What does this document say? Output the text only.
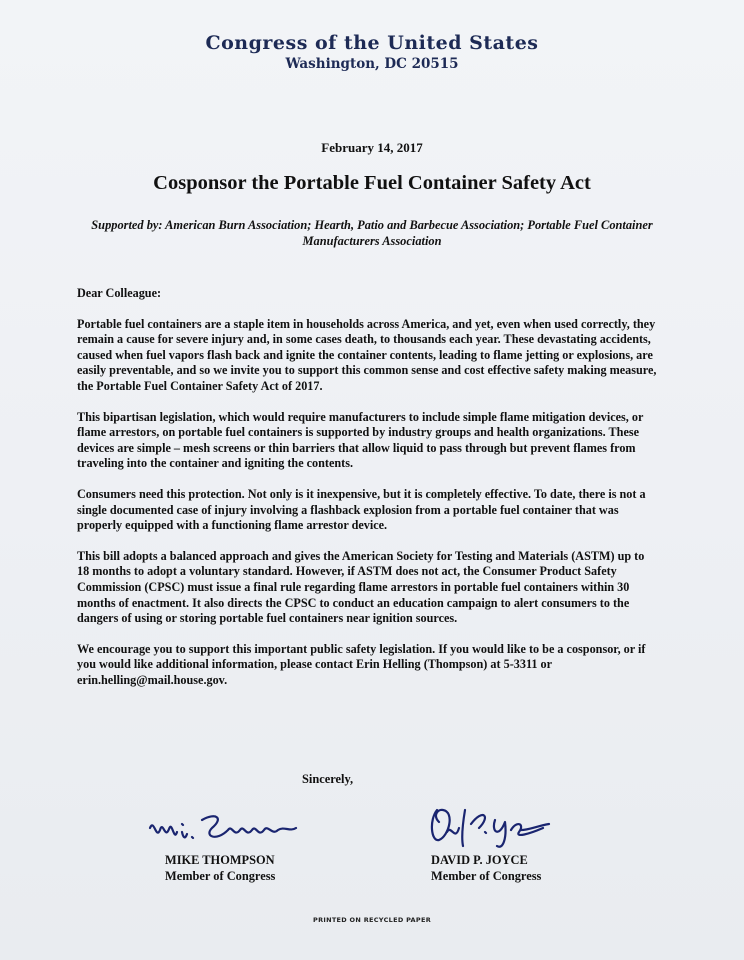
Congress of the United States
Washington, DC 20515
February 14, 2017
Cosponsor the Portable Fuel Container Safety Act
Supported by: American Burn Association; Hearth, Patio and Barbecue Association; Portable Fuel Container Manufacturers Association

Dear Colleague:

Portable fuel containers are a staple item in households across America, and yet, even when used correctly, they remain a cause for severe injury and, in some cases death, to thousands each year. These devastating accidents, caused when fuel vapors flash back and ignite the container contents, leading to flame jetting or explosions, are easily preventable, and so we invite you to support this common sense and cost effective safety making measure, the Portable Fuel Container Safety Act of 2017.

This bipartisan legislation, which would require manufacturers to include simple flame mitigation devices, or flame arrestors, on portable fuel containers is supported by industry groups and health organizations. These devices are simple – mesh screens or thin barriers that allow liquid to pass through but prevent flames from traveling into the container and igniting the contents.

Consumers need this protection. Not only is it inexpensive, but it is completely effective. To date, there is not a single documented case of injury involving a flashback explosion from a portable fuel container that was properly equipped with a functioning flame arrestor device.

This bill adopts a balanced approach and gives the American Society for Testing and Materials (ASTM) up to 18 months to adopt a voluntary standard. However, if ASTM does not act, the Consumer Product Safety Commission (CPSC) must issue a final rule regarding flame arrestors in portable fuel containers within 30 months of enactment. It also directs the CPSC to conduct an education campaign to alert consumers to the dangers of using or storing portable fuel containers near ignition sources.

We encourage you to support this important public safety legislation. If you would like to be a cosponsor, or if you would like additional information, please contact Erin Helling (Thompson) at 5-3311 or erin.helling@mail.house.gov.

Sincerely,
MIKE THOMPSON
Member of Congress
DAVID P. JOYCE
Member of Congress
PRINTED ON RECYCLED PAPER
